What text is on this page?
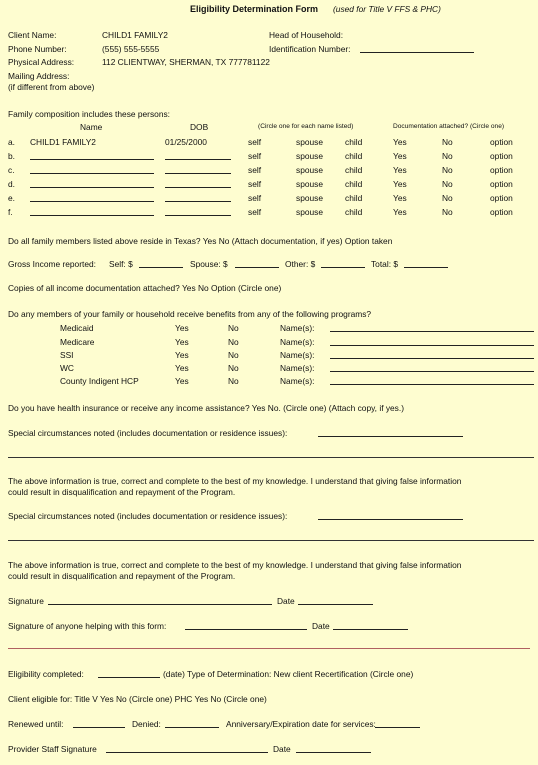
Eligibility Determination Form (used for Title V FFS & PHC)
Client Name:	CHILD1 FAMILY2	Head of Household:
Phone Number:	(555) 555-5555	Identification Number:
Physical Address:	112 CLIENTWAY, SHERMAN, TX 777781122
Mailing Address:
(if different from above)
Family composition includes these persons:
Name	DOB	(Circle one for each name listed)	Documentation attached? (Circle one)
a. CHILD1 FAMILY2	01/25/2000	self	spouse	child	Yes	No	option
b.	self	spouse	child	Yes	No	option
c.	self	spouse	child	Yes	No	option
d.	self	spouse	child	Yes	No	option
e.	self	spouse	child	Yes	No	option
f.	self	spouse	child	Yes	No	option
Do all family members listed above reside in Texas? Yes No (Attach documentation, if yes) Option taken
Gross Income reported: Self: $	Spouse: $	Other: $	Total: $
Copies of all income documentation attached? Yes No Option (Circle one)
Do any members of your family or household receive benefits from any of the following programs?
Medicaid	Yes	No	Name(s):
Medicare	Yes	No	Name(s):
SSI	Yes	No	Name(s):
WC	Yes	No	Name(s):
County Indigent HCP	Yes	No	Name(s):
Do you have health insurance or receive any income assistance? Yes No. (Circle one) (Attach copy, if yes.)
Special circumstances noted (includes documentation or residence issues):
The above information is true, correct and complete to the best of my knowledge. I understand that giving false information
could result in disqualification and repayment of the Program.
Special circumstances noted (includes documentation or residence issues):
The above information is true, correct and complete to the best of my knowledge. I understand that giving false information
could result in disqualification and repayment of the Program.
Signature	Date
Signature of anyone helping with this form:	Date
Eligibility completed:	(date) Type of Determination: New client Recertification (Circle one)
Client eligible for: Title V Yes No (Circle one) PHC Yes No (Circle one)
Renewed until:	Denied:	Anniversary/Expiration date for services:
Provider Staff Signature	Date
